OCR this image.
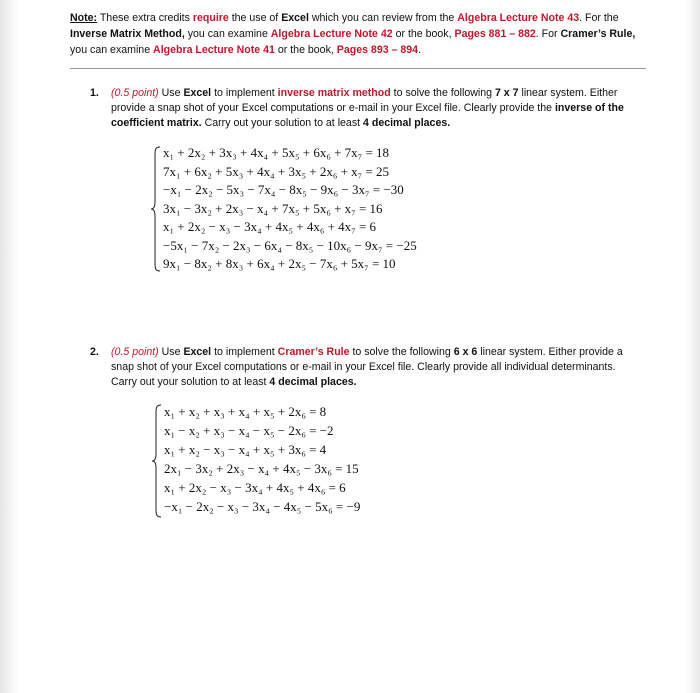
Note: These extra credits require the use of Excel which you can review from the Algebra Lecture Note 43. For the Inverse Matrix Method, you can examine Algebra Lecture Note 42 or the book, Pages 881 – 882. For Cramer’s Rule, you can examine Algebra Lecture Note 41 or the book, Pages 893 – 894.

1. (0.5 point) Use Excel to implement inverse matrix method to solve the following 7 x 7 linear system. Either provide a snap shot of your Excel computations or e-mail in your Excel file. Clearly provide the inverse of the coefficient matrix. Carry out your solution to at least 4 decimal places.
x₁ + 2x₂ + 3x₃ + 4x₄ + 5x₅ + 6x₆ + 7x₇ = 18
7x₁ + 6x₂ + 5x₃ + 4x₄ + 3x₅ + 2x₆ + x₇ = 25
−x₁ − 2x₂ − 5x₃ − 7x₄ − 8x₅ − 9x₆ − 3x₇ = −30
3x₁ − 3x₂ + 2x₃ − x₄ + 7x₅ + 5x₆ + x₇ = 16
x₁ + 2x₂ − x₃ − 3x₄ + 4x₅ + 4x₆ + 4x₇ = 6
−5x₁ − 7x₂ − 2x₃ − 6x₄ − 8x₅ − 10x₆ − 9x₇ = −25
9x₁ − 8x₂ + 8x₃ + 6x₄ + 2x₅ − 7x₆ + 5x₇ = 10
2. (0.5 point) Use Excel to implement Cramer’s Rule to solve the following 6 x 6 linear system. Either provide a snap shot of your Excel computations or e-mail in your Excel file. Clearly provide all individual determinants. Carry out your solution to at least 4 decimal places.
x₁ + x₂ + x₃ + x₄ + x₅ + 2x₆ = 8
x₁ − x₂ + x₃ − x₄ − x₅ − 2x₆ = −2
x₁ + x₂ − x₃ − x₄ + x₅ + 3x₆ = 4
2x₁ − 3x₂ + 2x₃ − x₄ + 4x₅ − 3x₆ = 15
x₁ + 2x₂ − x₃ − 3x₄ + 4x₅ + 4x₆ = 6
−x₁ − 2x₂ − x₃ − 3x₄ − 4x₅ − 5x₆ = −9
